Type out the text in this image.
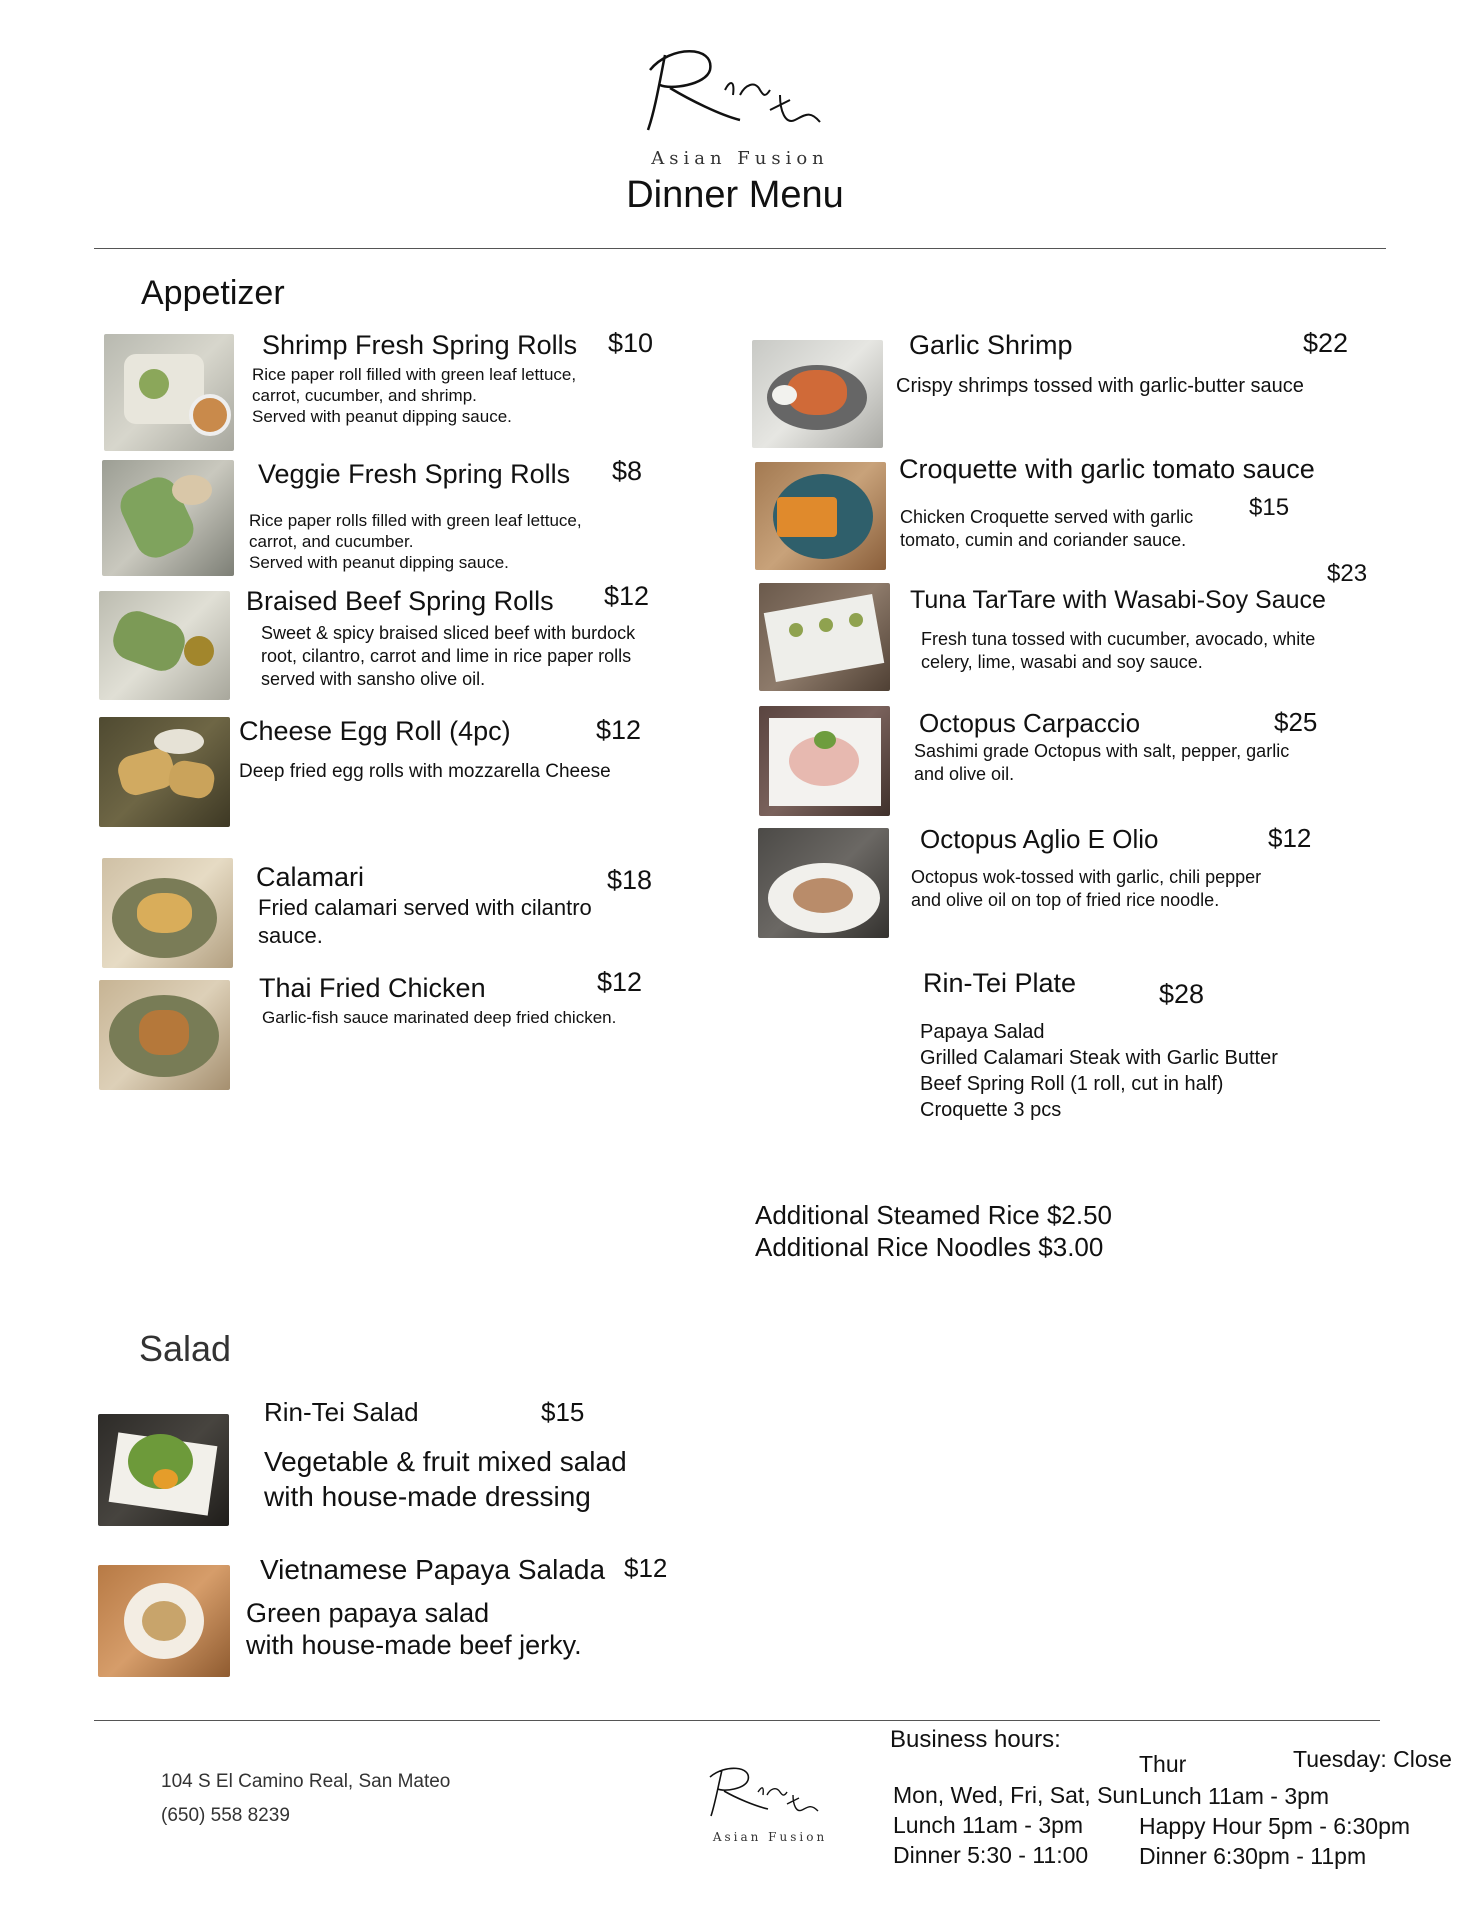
Asian Fusion
Dinner Menu
Appetizer
Shrimp Fresh Spring Rolls $10
Rice paper roll filled with green leaf lettuce,
carrot, cucumber, and shrimp.
Served with peanut dipping sauce.
Veggie Fresh Spring Rolls $8
Rice paper rolls filled with green leaf lettuce,
carrot, and cucumber.
Served with peanut dipping sauce.
Braised Beef Spring Rolls $12
Sweet & spicy braised sliced beef with burdock
root, cilantro, carrot and lime in rice paper rolls
served with sansho olive oil.
Cheese Egg Roll (4pc)	$12
Deep fried egg rolls with mozzarella Cheese
Calamari	$18
Fried calamari served with cilantro
sauce.
Thai Fried Chicken	$12
Garlic-fish sauce marinated deep fried chicken.
Garlic Shrimp	$22
Crispy shrimps tossed with garlic-butter sauce
Croquette with garlic tomato sauce
$15
Chicken Croquette served with garlic
tomato, cumin and coriander sauce.
Tuna TarTare with Wasabi-Soy Sauce
$23
Fresh tuna tossed with cucumber, avocado, white
celery, lime, wasabi and soy sauce.
Octopus Carpaccio	$25
Sashimi grade Octopus with salt, pepper, garlic
and olive oil.
Octopus Aglio E Olio	$12
Octopus wok-tossed with garlic, chili pepper
and olive oil on top of fried rice noodle.
Rin-Tei Plate	$28
Papaya Salad
Grilled Calamari Steak with Garlic Butter
Beef Spring Roll (1 roll, cut in half)
Croquette 3 pcs
Additional Steamed Rice $2.50
Additional Rice Noodles $3.00
Salad
Rin-Tei Salad	$15
Vegetable & fruit mixed salad
with house-made dressing
Vietnamese Papaya Salada $12
Green papaya salad
with house-made beef jerky.
104 S El Camino Real, San Mateo
(650) 558 8239
Asian Fusion
Business hours:
Mon, Wed, Fri, Sat, Sun
Lunch 11am - 3pm
Dinner 5:30 - 11:00
Thur
Lunch 11am - 3pm
Happy Hour 5pm - 6:30pm
Dinner 6:30pm - 11pm
Tuesday: Close
